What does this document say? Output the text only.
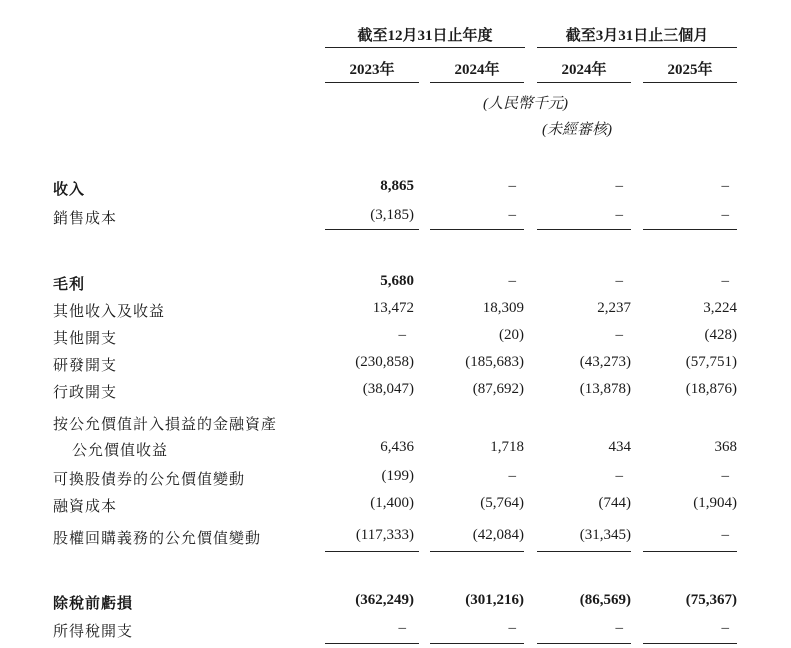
截至12月31日止年度	截至3月31日止三個月
2023年	2024年	2024年	2025年
(人民幣千元)
(未經審核)
收入	8,865	–	–	–
銷售成本	(3,185)	–	–	–
毛利	5,680	–	–	–
其他收入及收益	13,472	18,309	2,237	3,224
其他開支	–	(20)	–	(428)
研發開支	(230,858)	(185,683)	(43,273)	(57,751)
行政開支	(38,047)	(87,692)	(13,878)	(18,876)
按公允價值計入損益的金融資產
公允價值收益	6,436	1,718	434	368
可換股債券的公允價值變動	(199)	–	–	–
融資成本	(1,400)	(5,764)	(744)	(1,904)
股權回購義務的公允價值變動	(117,333)	(42,084)	(31,345)	–
除稅前虧損	(362,249)	(301,216)	(86,569)	(75,367)
所得稅開支	–	–	–	–
